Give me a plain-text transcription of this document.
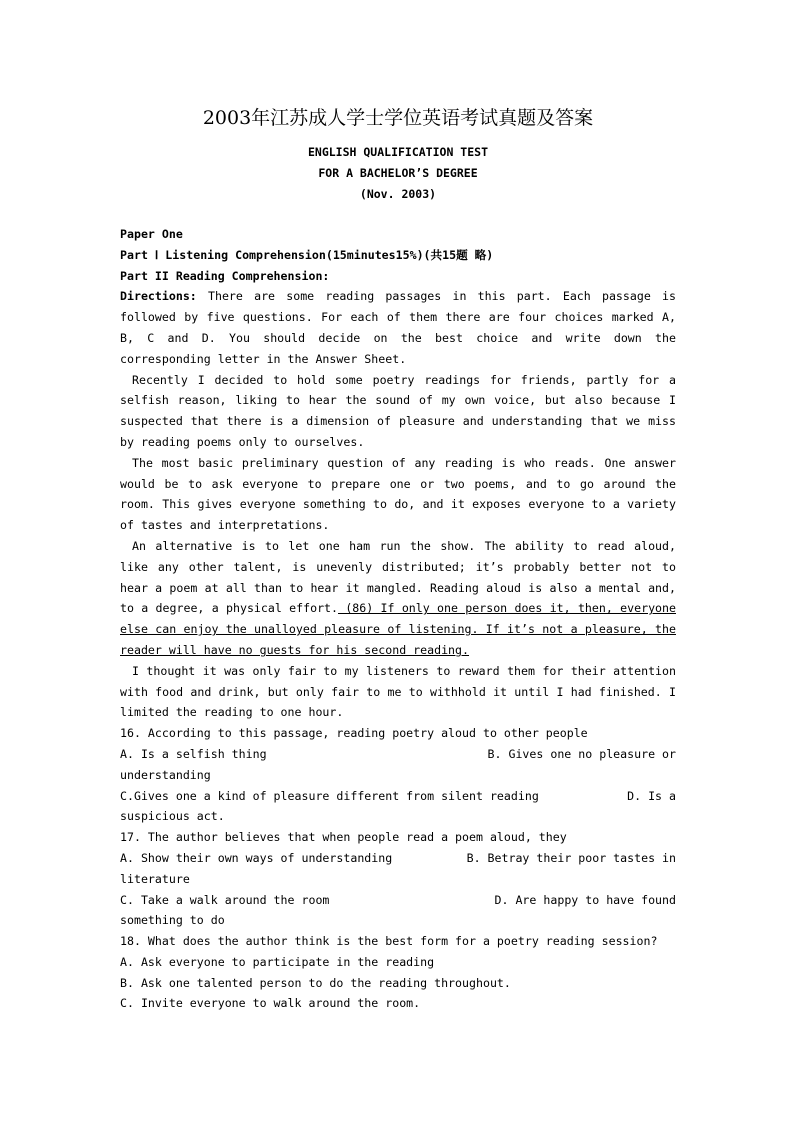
2003年江苏成人学士学位英语考试真题及答案
ENGLISH QUALIFICATION TEST
FOR A BACHELOR’S DEGREE
(Nov. 2003)
Paper One
Part Ⅰ Listening Comprehension(15minutes15%)(共15题 略)
Part II Reading Comprehension:

Directions: There are some reading passages in this part. Each passage is followed by five questions. For each of them there are four choices marked A, B, C and D. You should decide on the best choice and write down the corresponding letter in the Answer Sheet.

Recently I decided to hold some poetry readings for friends, partly for a selfish reason, liking to hear the sound of my own voice, but also because I suspected that there is a dimension of pleasure and understanding that we miss by reading poems only to ourselves.

The most basic preliminary question of any reading is who reads. One answer would be to ask everyone to prepare one or two poems, and to go around the room. This gives everyone something to do, and it exposes everyone to a variety of tastes and interpretations.

An alternative is to let one ham run the show. The ability to read aloud, like any other talent, is unevenly distributed; it’s probably better not to hear a poem at all than to hear it mangled. Reading aloud is also a mental and, to a degree, a physical effort. (86) If only one person does it, then, everyone else can enjoy the unalloyed pleasure of listening. If it’s not a pleasure, the reader will have no guests for his second reading.

I thought it was only fair to my listeners to reward them for their attention with food and drink, but only fair to me to withhold it until I had finished. I limited the reading to one hour.

16. According to this passage, reading poetry aloud to other people
A. Is a selfish thing	B. Gives one no pleasure or
understanding
C.Gives one a kind of pleasure different from silent reading	D. Is a
suspicious act.
17. The author believes that when people read a poem aloud, they
A. Show their own ways of understanding	B. Betray their poor tastes in
literature
C. Take a walk around the room	D. Are happy to have found
something to do
18. What does the author think is the best form for a poetry reading session?
A. Ask everyone to participate in the reading
B. Ask one talented person to do the reading throughout.
C. Invite everyone to walk around the room.
